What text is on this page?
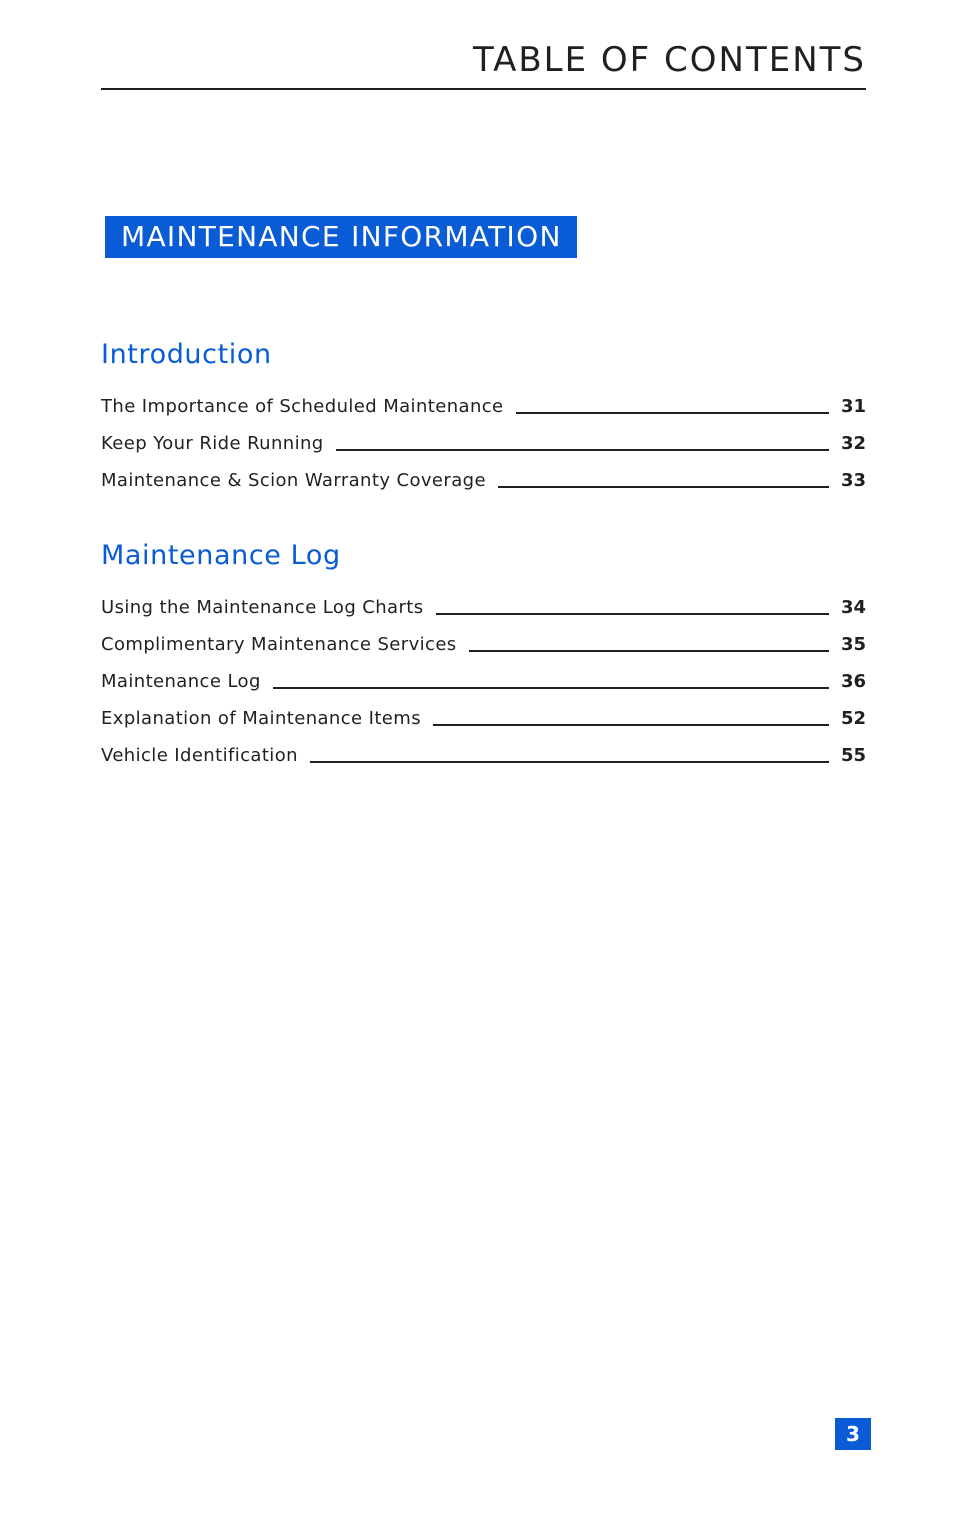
TABLE OF CONTENTS
MAINTENANCE INFORMATION
Introduction
The Importance of Scheduled Maintenance	31
Keep Your Ride Running	32
Maintenance & Scion Warranty Coverage	33
Maintenance Log
Using the Maintenance Log Charts	34
Complimentary Maintenance Services	35
Maintenance Log	36
Explanation of Maintenance Items	52
Vehicle Identification	55
3
